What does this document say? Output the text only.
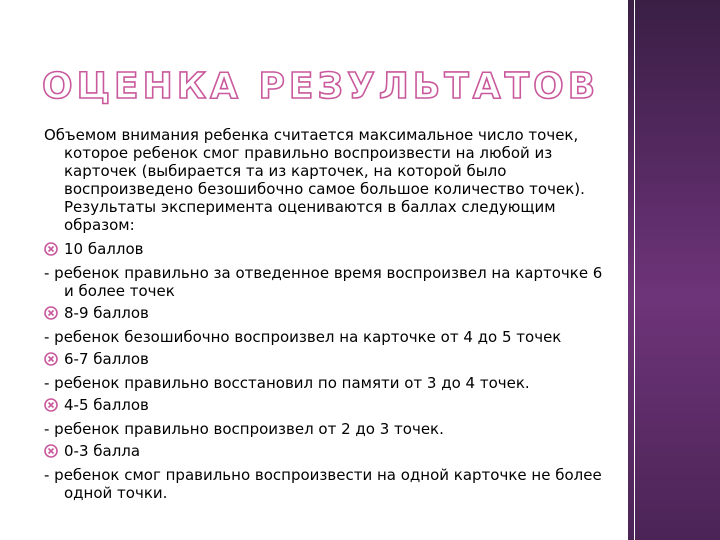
ОЦЕНКА РЕЗУЛЬТАТОВ

Объемом внимания ребенка считается максимальное число точек, которое ребенок смог правильно воспроизвести на любой из карточек (выбирается та из карточек, на которой было воспроизведено безошибочно самое большое количество точек). Результаты эксперимента оцениваются в баллах следующим образом:

10 баллов

- ребенок правильно за отведенное время воспроизвел на карточке 6 и более точек

8-9 баллов

- ребенок безошибочно воспроизвел на карточке от 4 до 5 точек

6-7 баллов

- ребенок правильно восстановил по памяти от 3 до 4 точек.

4-5 баллов

- ребенок правильно воспроизвел от 2 до 3 точек.

0-3 балла

- ребенок смог правильно воспроизвести на одной карточке не более одной точки.
